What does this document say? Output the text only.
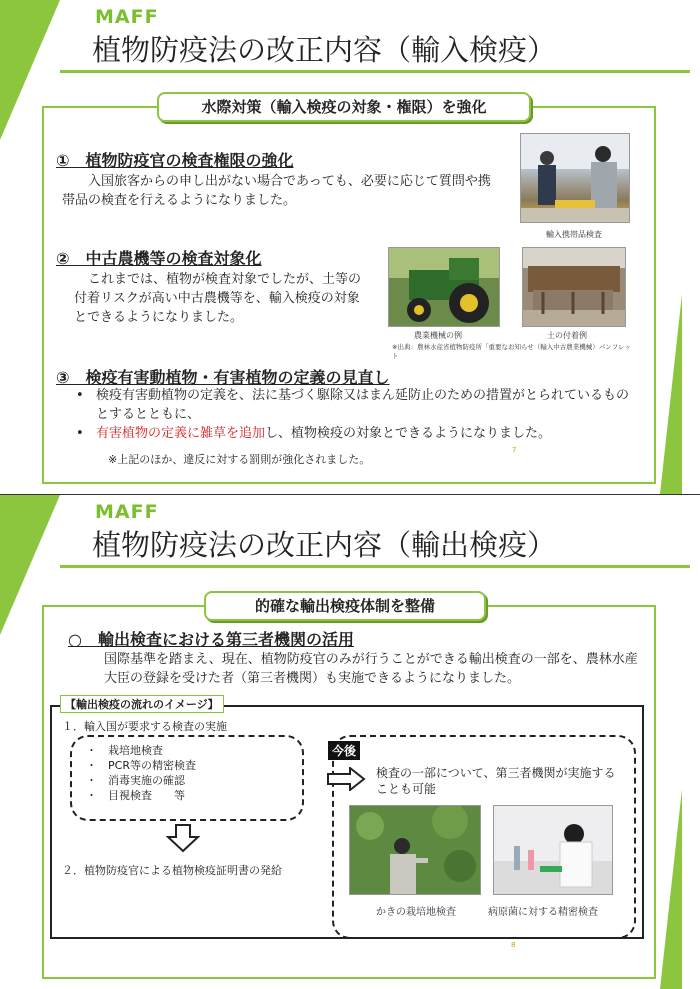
MAFF
植物防疫法の改正内容（輸入検疫）
水際対策（輸入検疫の対象・権限）を強化
①　植物防疫官の検査権限の強化
入国旅客からの申し出がない場合であっても、必要に応じて質問や携帯品の検査を行えるようになりました。
輸入携帯品検査
②　中古農機等の検査対象化
これまでは、植物が検査対象でしたが、土等の付着リスクが高い中古農機等を、輸入検疫の対象とできるようになりました。
農業機械の例	土の付着例
※出典：農林水産省植物防疫所「重要なお知らせ（輸入中古農業機械）パンフレット
③　検疫有害動植物・有害植物の定義の見直し
• 検疫有害動植物の定義を、法に基づく駆除又はまん延防止のための措置がとられているものとするとともに、
• 有害植物の定義に雑草を追加し、植物検疫の対象とできるようになりました。
※上記のほか、違反に対する罰則が強化されました。
7
MAFF
植物防疫法の改正内容（輸出検疫）
的確な輸出検疫体制を整備
○　輸出検査における第三者機関の活用
国際基準を踏まえ、現在、植物防疫官のみが行うことができる輸出検査の一部を、農林水産大臣の登録を受けた者（第三者機関）も実施できるようになりました。
【輸出検疫の流れのイメージ】
１．輸入国が要求する検査の実施
・　栽培地検査
・　PCR等の精密検査
・　消毒実施の確認
・　目視検査　　等
今後
検査の一部について、第三者機関が実施することも可能
２．植物防疫官による植物検疫証明書の発給
かきの栽培地検査	病原菌に対する精密検査
8
